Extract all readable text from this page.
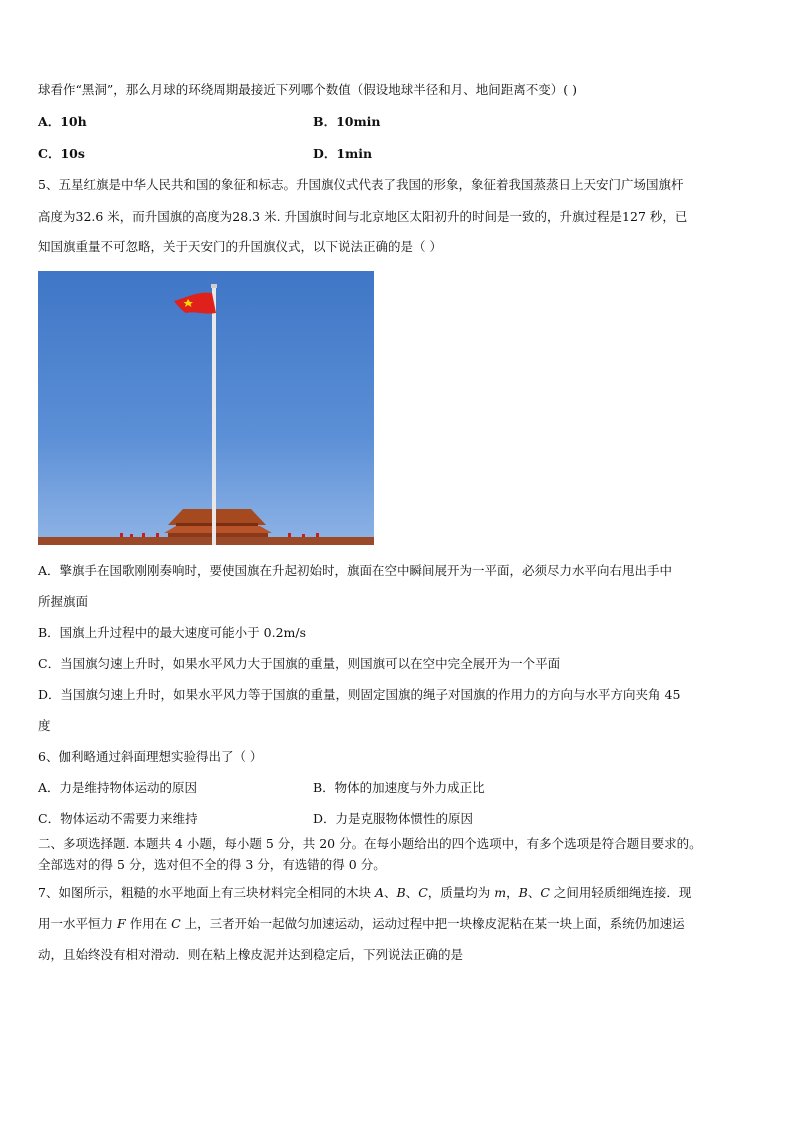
球看作“黑洞”，那么月球的环绕周期最接近下列哪个数值（假设地球半径和月、地间距离不变）( )
A．10h	B．10min
C．10s	D．1min
5、五星红旗是中华人民共和国的象征和标志。升国旗仪式代表了我国的形象，象征着我国蒸蒸日上天安门广场国旗杆
高度为32.6 米，而升国旗的高度为28.3 米. 升国旗时间与北京地区太阳初升的时间是一致的，升旗过程是127 秒，已
知国旗重量不可忽略，关于天安门的升国旗仪式，以下说法正确的是（ ）
A．擎旗手在国歌刚刚奏响时，要使国旗在升起初始时，旗面在空中瞬间展开为一平面，必须尽力水平向右甩出手中
所握旗面
B．国旗上升过程中的最大速度可能小于 0.2m/s
C．当国旗匀速上升时，如果水平风力大于国旗的重量，则国旗可以在空中完全展开为一个平面
D．当国旗匀速上升时，如果水平风力等于国旗的重量，则固定国旗的绳子对国旗的作用力的方向与水平方向夹角 45
度
6、伽利略通过斜面理想实验得出了（ ）
A．力是维持物体运动的原因	B．物体的加速度与外力成正比
C．物体运动不需要力来维持	D．力是克服物体惯性的原因
二、多项选择题. 本题共 4 小题，每小题 5 分，共 20 分。在每小题给出的四个选项中，有多个选项是符合题目要求的。
全部选对的得 5 分，选对但不全的得 3 分，有选错的得 0 分。
7、如图所示，粗糙的水平地面上有三块材料完全相同的木块 A、B、C，质量均为 m，B、C 之间用轻质细绳连接．现
用一水平恒力 F 作用在 C 上，三者开始一起做匀加速运动，运动过程中把一块橡皮泥粘在某一块上面，系统仍加速运
动，且始终没有相对滑动．则在粘上橡皮泥并达到稳定后，下列说法正确的是
